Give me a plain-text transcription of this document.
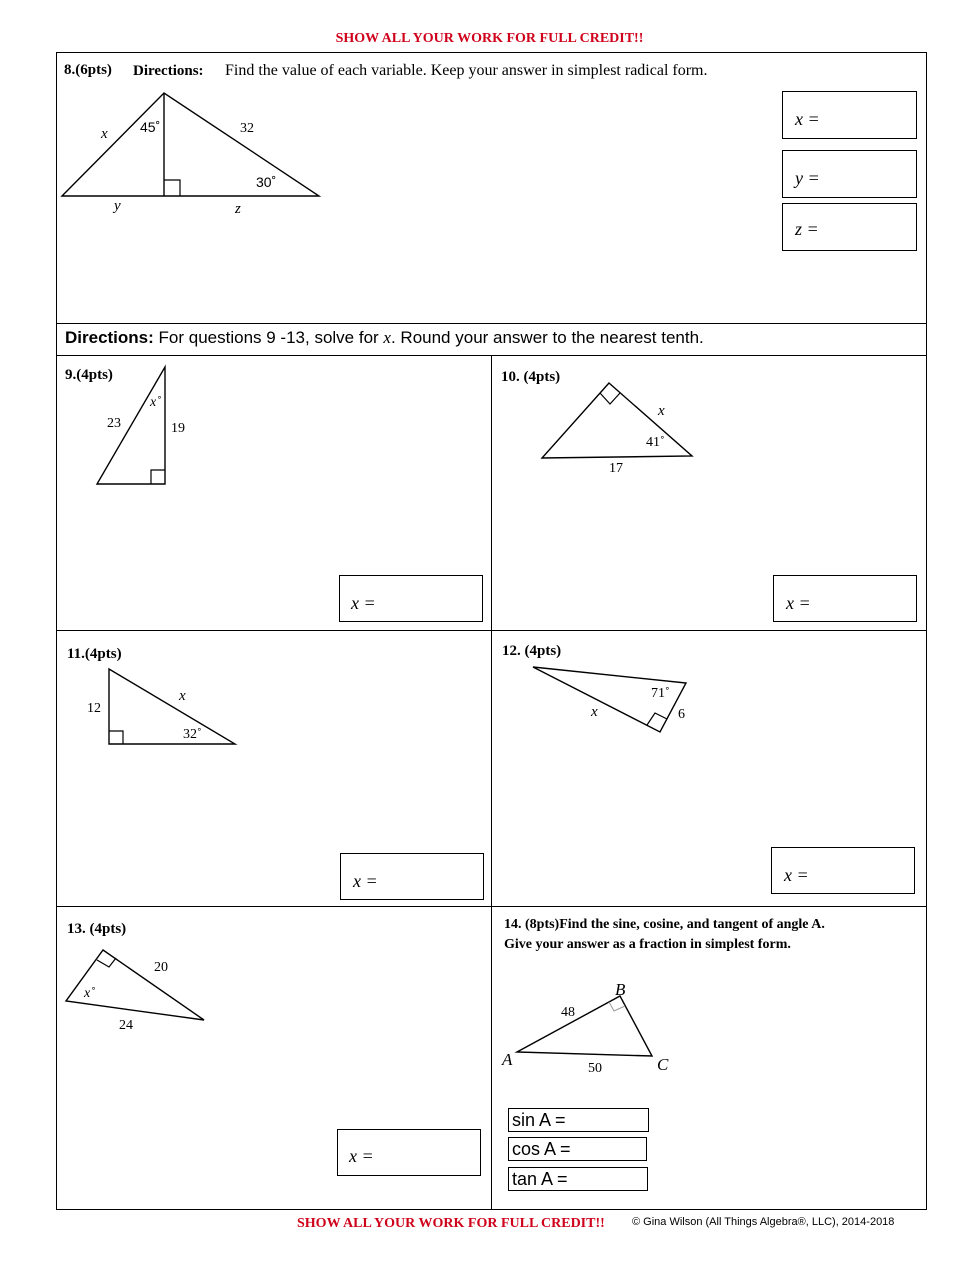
SHOW ALL YOUR WORK FOR FULL CREDIT!!
8.(6pts) Directions: Find the value of each variable. Keep your answer in simplest radical form.
x 45˚	32
30˚
y	z
x =
y =
z =
Directions: For questions 9 -13, solve for x. Round your answer to the nearest tenth.
9.(4pts)
23
x˚
19
x =
10. (4pts)
x
41˚
17
x =
11.(4pts)
12
x
32˚
x =
12. (4pts)
71˚
x	6
x =
13. (4pts)
20
x˚
24
x =
14. (8pts)Find the sine, cosine, and tangent of angle A.
Give your answer as a fraction in simplest form.
A
B
C
48
50
sin A =
cos A =
tan A =
SHOW ALL YOUR WORK FOR FULL CREDIT!! © Gina Wilson (All Things Algebra®, LLC), 2014-2018
